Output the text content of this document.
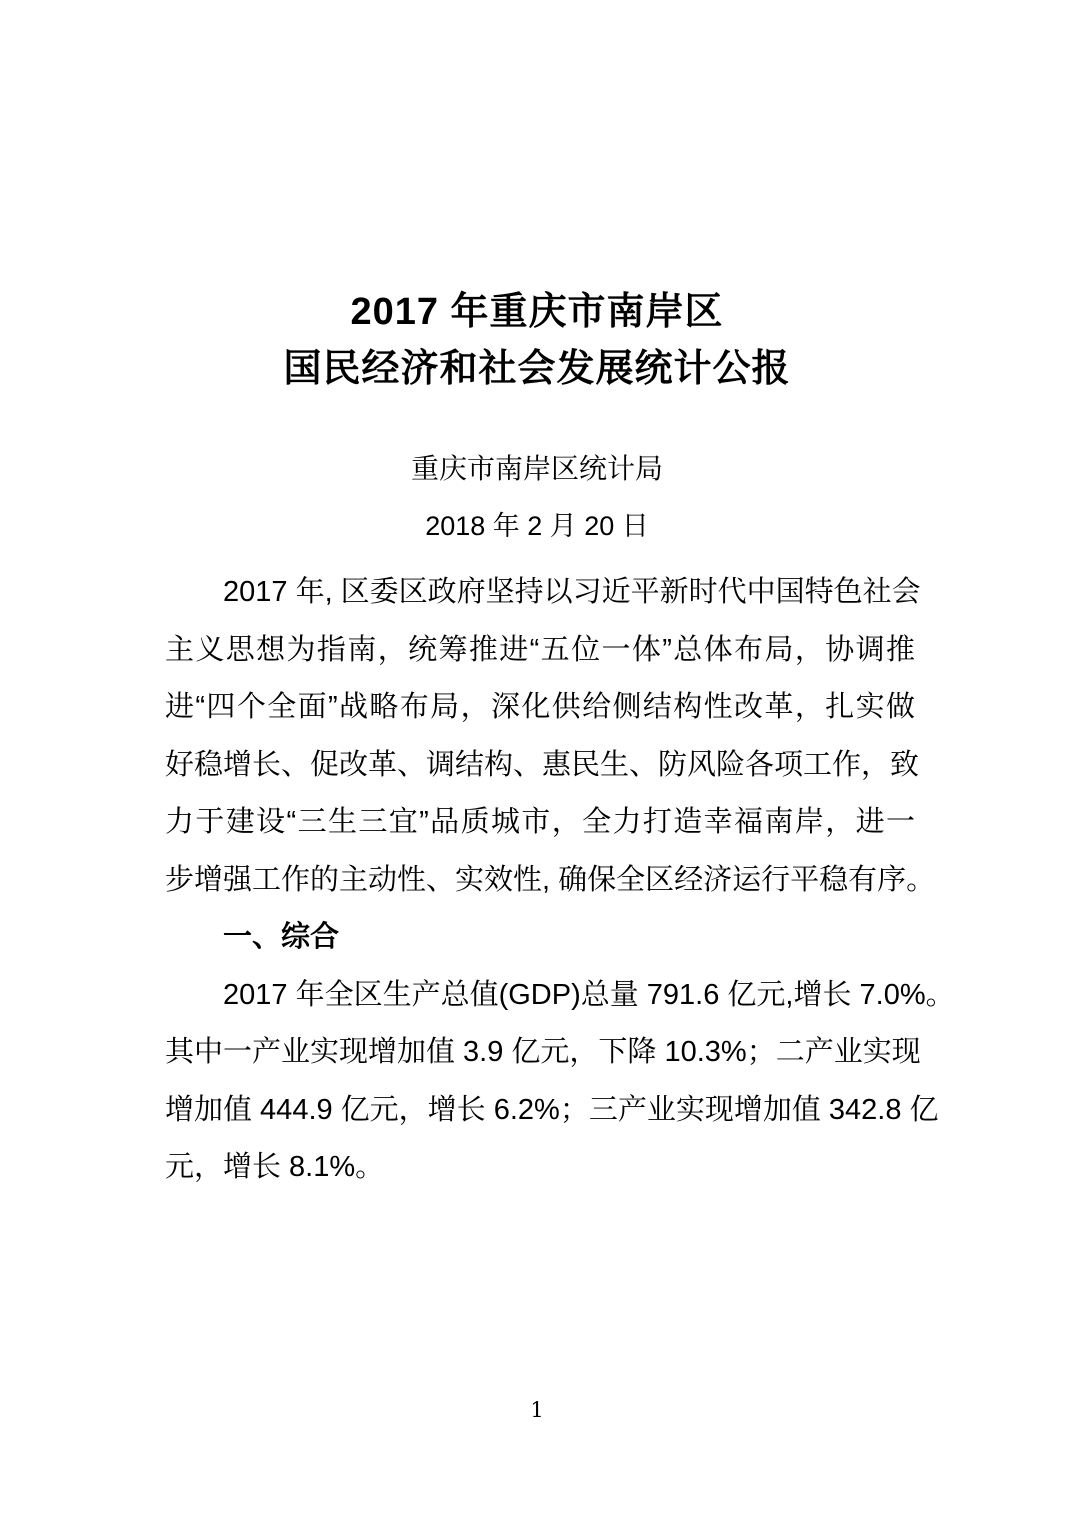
2017 年重庆市南岸区
国民经济和社会发展统计公报
重庆市南岸区统计局
2018 年 2 月 20 日
2017 年, 区委区政府坚持以习近平新时代中国特色社会
主义思想为指南，统筹推进“五位一体”总体布局，协调推
进“四个全面”战略布局，深化供给侧结构性改革，扎实做
好稳增长、促改革、调结构、惠民生、防风险各项工作，致
力于建设“三生三宜”品质城市，全力打造幸福南岸，进一
步增强工作的主动性、实效性, 确保全区经济运行平稳有序。
一、综合
2017 年全区生产总值(GDP)总量 791.6 亿元,增长 7.0%。
其中一产业实现增加值 3.9 亿元，下降 10.3%；二产业实现
增加值 444.9 亿元，增长 6.2%；三产业实现增加值 342.8 亿
元，增长 8.1%。
1
